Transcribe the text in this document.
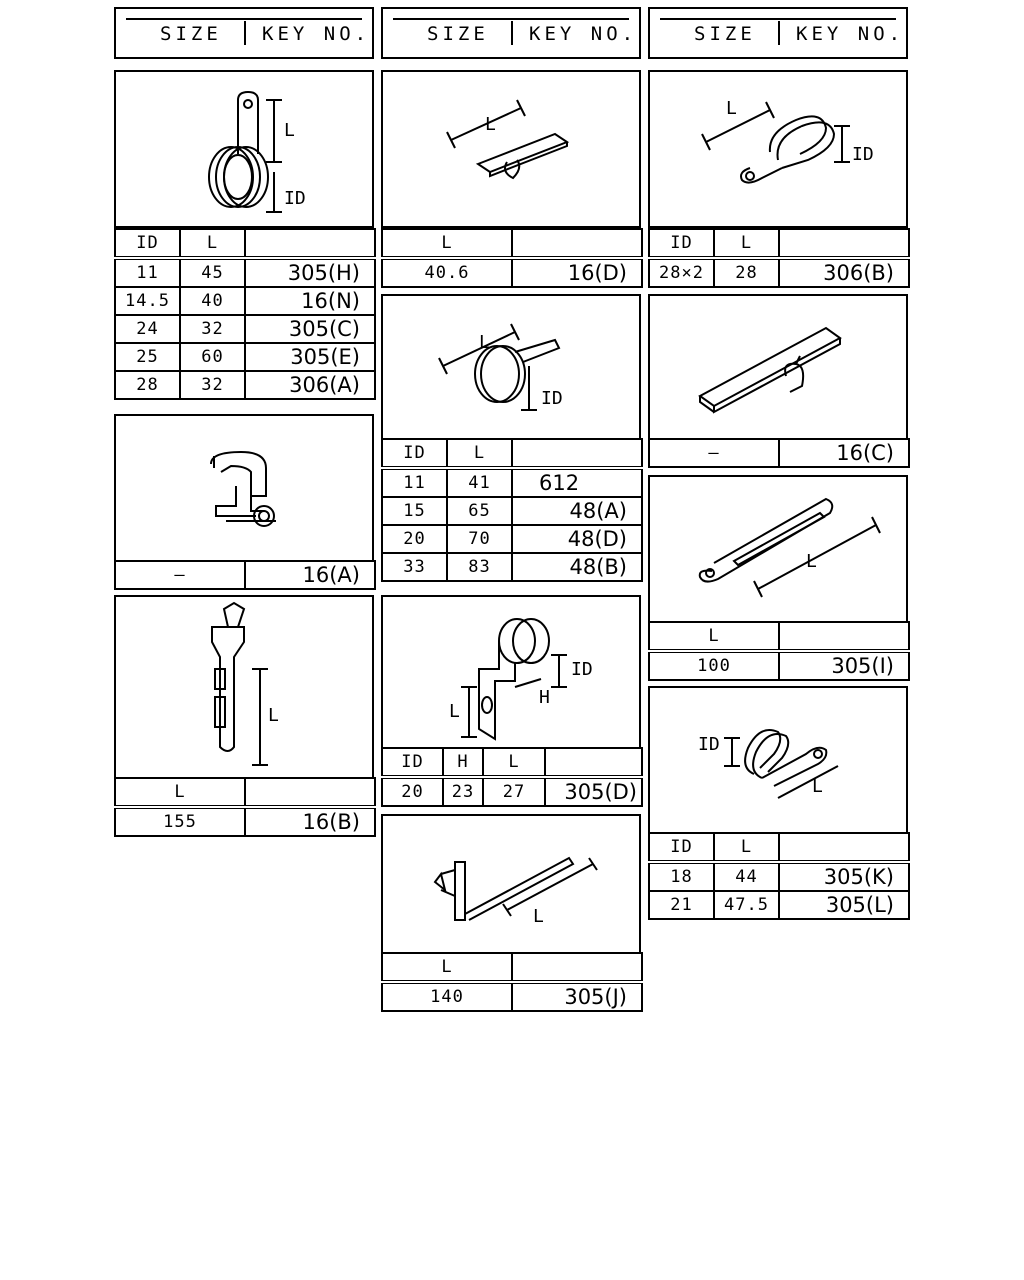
SIZE KEY NO.	SIZE KEY NO.	SIZE KEY NO.
L
ID
ID	L	
11	45	305(H)
14.5	40	16(N)
24	32	305(C)
25	60	305(E)
28	32	306(A)
—	16(A)
L
L	
155	16(B)
L
L	
40.6	16(D)
L
ID
ID	L	
11	41	612
15	65	48(A)
20	70	48(D)
33	83	48(B)
L
H
ID
ID	H	L	
20	23	27	305(D)
L
L	
140	305(J)
L
ID
ID	L	
28×2	28	306(B)
—	16(C)
L
L	
100	305(I)
ID
L
ID	L	
18	44	305(K)
21	47.5	305(L)
